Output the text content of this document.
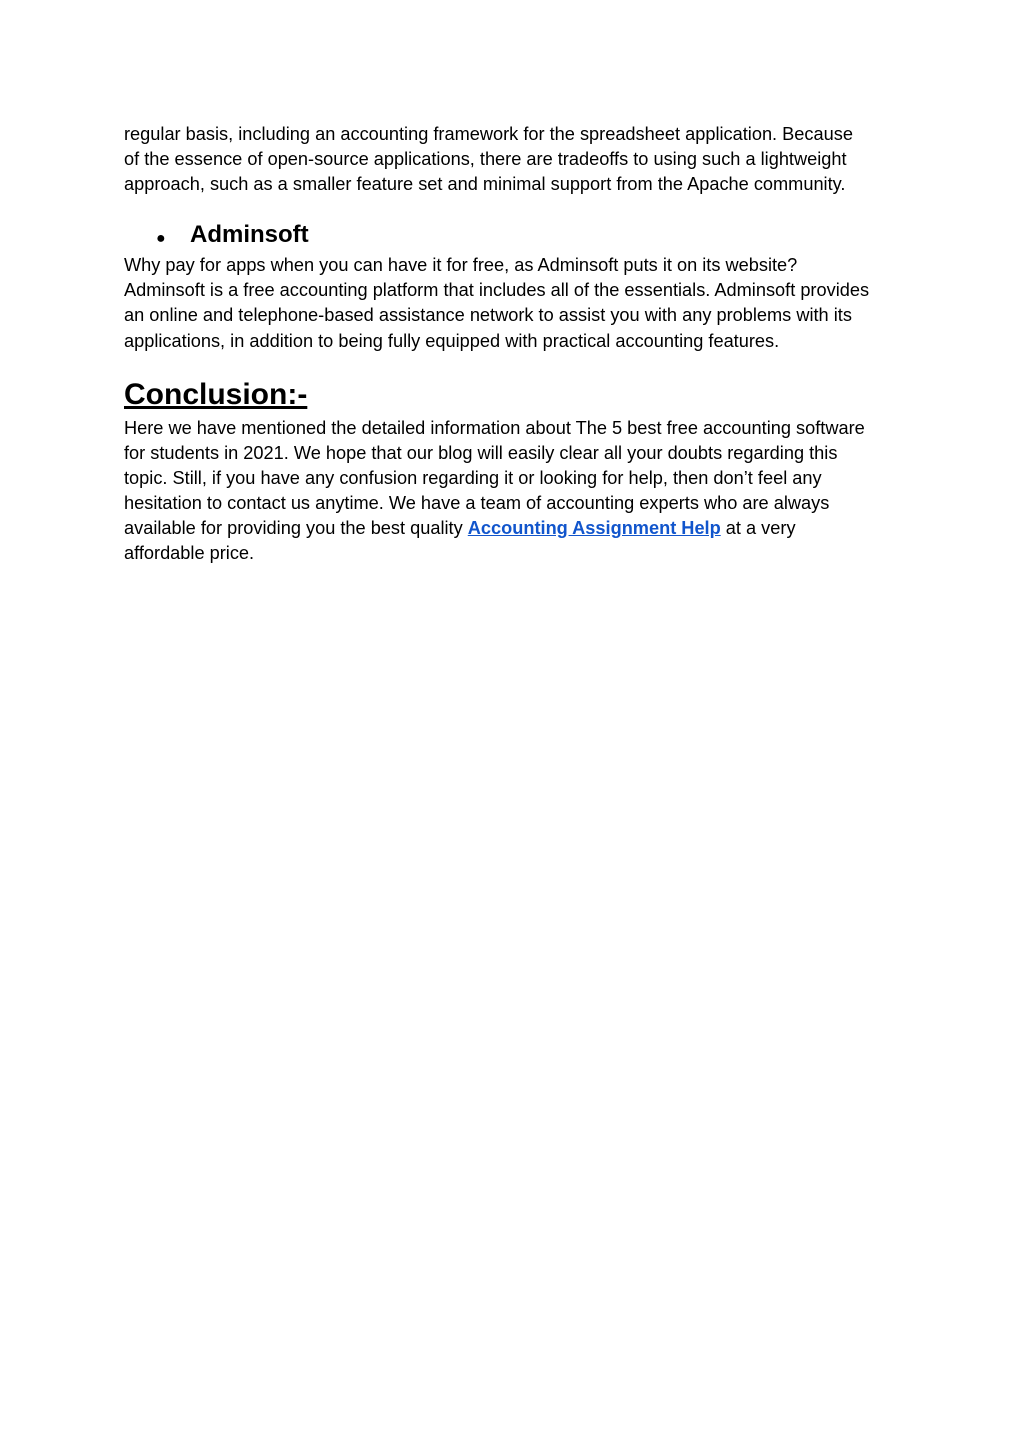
regular basis, including an accounting framework for the spreadsheet application. Because
of the essence of open-source applications, there are tradeoffs to using such a lightweight
approach, such as a smaller feature set and minimal support from the Apache community.

● Adminsoft

Why pay for apps when you can have it for free, as Adminsoft puts it on its website?
Adminsoft is a free accounting platform that includes all of the essentials. Adminsoft provides
an online and telephone-based assistance network to assist you with any problems with its
applications, in addition to being fully equipped with practical accounting features.

Conclusion:-

Here we have mentioned the detailed information about The 5 best free accounting software
for students in 2021. We hope that our blog will easily clear all your doubts regarding this
topic. Still, if you have any confusion regarding it or looking for help, then don’t feel any
hesitation to contact us anytime. We have a team of accounting experts who are always
available for providing you the best quality Accounting Assignment Help at a very
affordable price.
